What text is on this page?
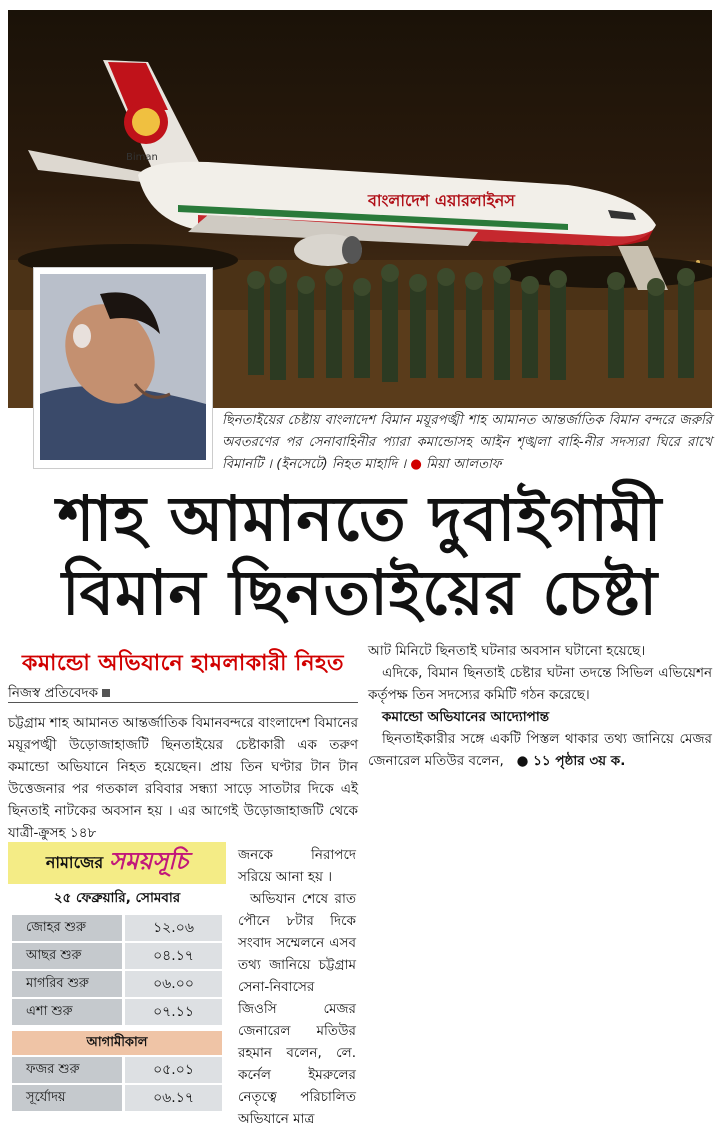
Biman
বাংলাদেশ এয়ারলাইনস
ছিনতাইয়ের চেষ্টায় বাংলাদেশ বিমান ময়ূরপঙ্খী শাহ আমানত আন্তর্জাতিক বিমান বন্দরে জরুরি অবতরণের পর সেনাবাহিনীর প্যারা কমান্ডোসহ আইন শৃঙ্খলা বাহি-নীর সদস্যরা ঘিরে রাখে বিমানটি । (ইনসেটে) নিহত মাহাদি । ● মিয়া আলতাফ
শাহ আমানতে দুবাইগামী
বিমান ছিনতাইয়ের চেষ্টা
কমান্ডো অভিযানে হামলাকারী নিহত
নিজস্ব প্রতিবেদক
চট্টগ্রাম শাহ আমানত আন্তর্জাতিক বিমানবন্দরে বাংলাদেশ বিমানের ময়ূরপঙ্খী উড়োজাহাজটি ছিনতাইয়ের চেষ্টাকারী এক তরুণ কমান্ডো অভিযানে নিহত হয়েছেন। প্রায় তিন ঘণ্টার টান টান উত্তেজনার পর গতকাল রবিবার সন্ধ্যা সাড়ে সাতটার দিকে এই ছিনতাই নাটকের অবসান হয় । এর আগেই উড়োজাহাজটি থেকে যাত্রী-ক্রুসহ ১৪৮

জনকে নিরাপদে সরিয়ে আনা হয় ।

অভিযান শেষে রাত পৌনে ৮টার দিকে সংবাদ সম্মেলনে এসব তথ্য জানিয়ে চট্টগ্রাম সেনা-নিবাসের জিওসি মেজর জেনারেল মতিউর রহমান বলেন, লে. কর্নেল ইমরুলের নেতৃত্বে পরিচালিত অভিযানে মাত্র

নামাজের সময়সূচি
২৫ ফেব্রুয়ারি, সোমবার
জোহর শুরু	১২.০৬
আছর শুরু	০৪.১৭
মাগরিব শুরু	০৬.০০
এশা শুরু	০৭.১১
আগামীকাল
ফজর শুরু	০৫.০১
সূর্যোদয়	০৬.১৭

আট মিনিটে ছিনতাই ঘটনার অবসান ঘটানো হয়েছে।

এদিকে, বিমান ছিনতাই চেষ্টার ঘটনা তদন্তে সিভিল এভিয়েশন কর্তৃপক্ষ তিন সদস্যের কমিটি গঠন করেছে।

কমান্ডো অভিযানের আদ্যোপান্ত

ছিনতাইকারীর সঙ্গে একটি পিস্তল থাকার তথ্য জানিয়ে মেজর জেনারেল মতিউর বলেন, ● ১১ পৃষ্ঠার ৩য় ক.
